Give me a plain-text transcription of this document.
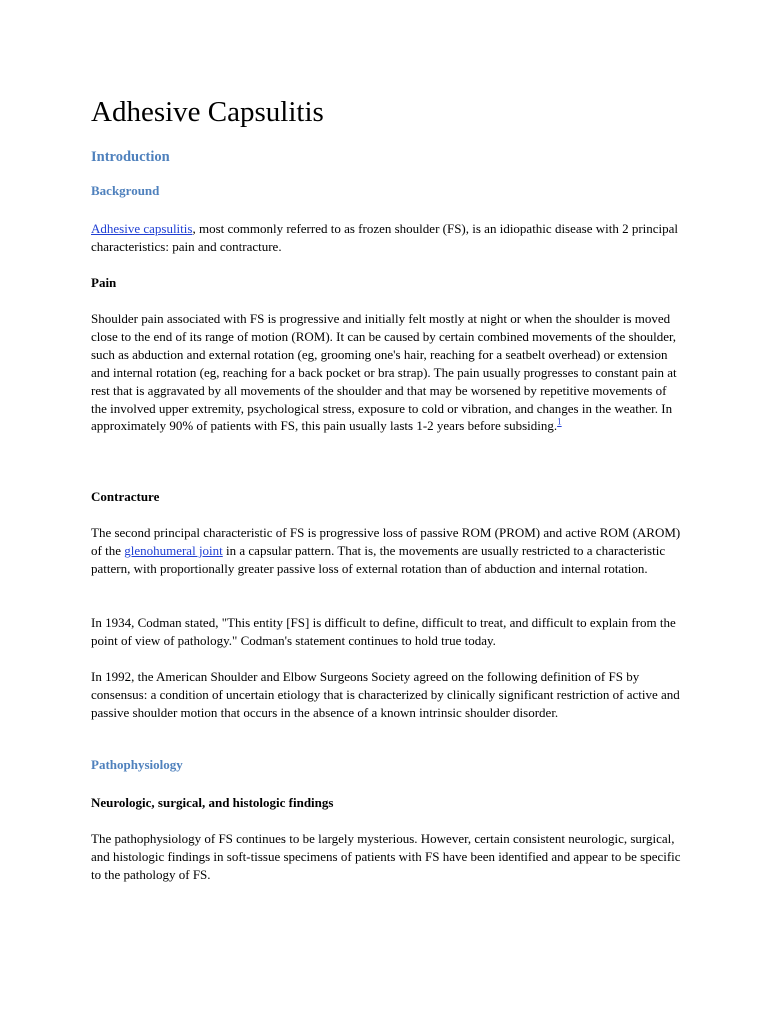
Adhesive Capsulitis
Introduction
Background

Adhesive capsulitis, most commonly referred to as frozen shoulder (FS), is an idiopathic disease with 2 principal characteristics: pain and contracture.

Pain

Shoulder pain associated with FS is progressive and initially felt mostly at night or when the shoulder is moved close to the end of its range of motion (ROM). It can be caused by certain combined movements of the shoulder, such as abduction and external rotation (eg, grooming one's hair, reaching for a seatbelt overhead) or extension and internal rotation (eg, reaching for a back pocket or bra strap). The pain usually progresses to constant pain at rest that is aggravated by all movements of the shoulder and that may be worsened by repetitive movements of the involved upper extremity, psychological stress, exposure to cold or vibration, and changes in the weather. In approximately 90% of patients with FS, this pain usually lasts 1-2 years before subsiding.$^1$

Contracture

The second principal characteristic of FS is progressive loss of passive ROM (PROM) and active ROM (AROM) of the glenohumeral joint in a capsular pattern. That is, the movements are usually restricted to a characteristic pattern, with proportionally greater passive loss of external rotation than of abduction and internal rotation.

In 1934, Codman stated, "This entity [FS] is difficult to define, difficult to treat, and difficult to explain from the point of view of pathology." Codman's statement continues to hold true today.

In 1992, the American Shoulder and Elbow Surgeons Society agreed on the following definition of FS by consensus: a condition of uncertain etiology that is characterized by clinically significant restriction of active and passive shoulder motion that occurs in the absence of a known intrinsic shoulder disorder.

Pathophysiology
Neurologic, surgical, and histologic findings

The pathophysiology of FS continues to be largely mysterious. However, certain consistent neurologic, surgical, and histologic findings in soft-tissue specimens of patients with FS have been identified and appear to be specific to the pathology of FS.
